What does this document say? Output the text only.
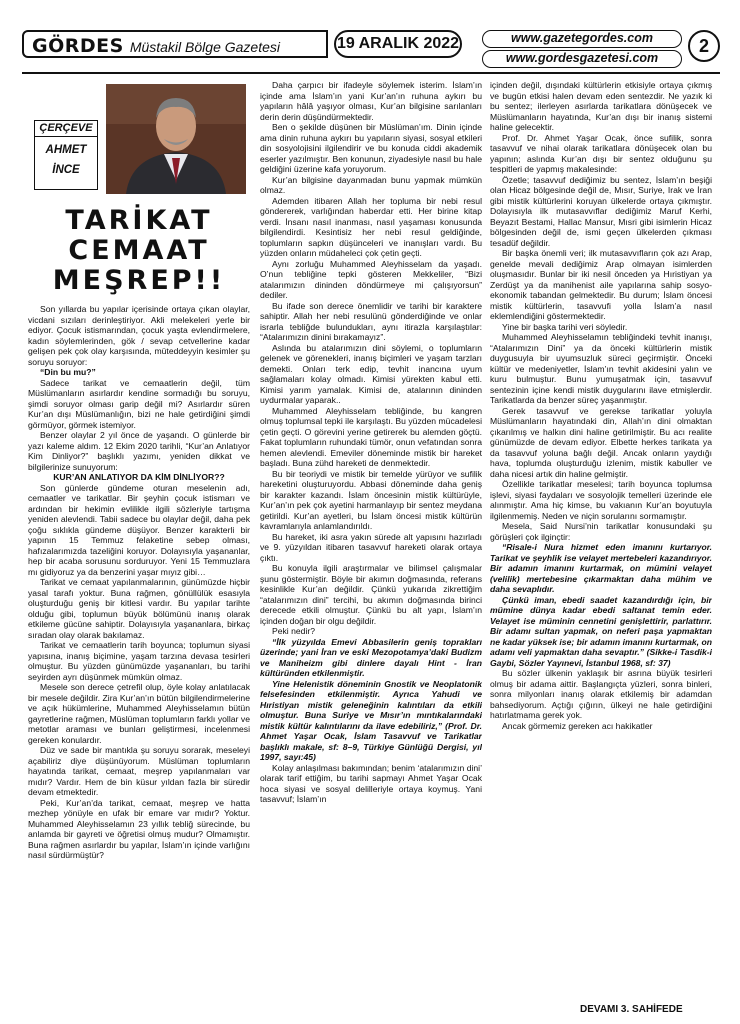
GÖRDES Müstakil Bölge Gazetesi	19 ARALIK 2022	www.gazetegordes.com
www.gordesgazetesi.com
2
ÇERÇEVE
AHMET
İNCE
TARİKAT
CEMAAT
MEŞREP!!

Son yıllarda bu yapılar içerisinde ortaya çıkan olaylar, vicdani sızıları derinleştiriyor. Akli melekeleri yerle bir ediyor. Çocuk istismarından, çocuk yaşta evlendirmelere, kadın söylemlerinden, gök / sevap cetvellerine kadar gelişen pek çok olay karşısında, müteddeyyin kesimler şu soruyu soruyor:

“Din bu mu?”

Sadece tarikat ve cemaatlerin değil, tüm Müslümanların asırlardır kendine sormadığı bu soruyu, şimdi soruyor olması garip değil mi? Asırlardır süren Kur’an dışı Müslümanlığın, bizi ne hale getirdiğini şimdi görmüyor, görmek istemiyor.

Benzer olaylar 2 yıl önce de yaşandı. O günlerde bir yazı kaleme aldım. 12 Ekim 2020 tarihli, “Kur’an Anlatıyor Kim Dinliyor?” başlıklı yazımı, yeniden dikkat ve bilgilerinize sunuyorum:

KUR’AN ANLATIYOR DA KİM DİNLİYOR??

Son günlerde gündeme oturan meselenin adı, cemaatler ve tarikatlar. Bir şeyhin çocuk istismarı ve ardından bir hekimin evlilikle ilgili sözleriyle tartışma yeniden alevlendi. Tabii sadece bu olaylar değil, daha pek çoğu sıklıkla gündeme düşüyor. Benzer karakterli bir yapının 15 Temmuz felaketine sebep olması, hafızalarımızda tazeliğini koruyor. Dolayısıyla yaşananlar, hep bir acaba sorusunu sorduruyor. Yeni 15 Temmuzlara mı gidiyoruz ya da benzerini yaşar mıyız gibi…

Tarikat ve cemaat yapılanmalarının, günümüzde hiçbir yasal tarafı yoktur. Buna rağmen, gönüllülük esasıyla oluşturduğu geniş bir kitlesi vardır. Bu yapılar tarihte olduğu gibi, toplumun büyük bölümünü inanış olarak etkileme gücüne sahiptir. Dolayısıyla yaşananlara, birkaç sıradan olay olarak bakılamaz.

Tarikat ve cemaatlerin tarih boyunca; toplumun siyasi yapısına, inanış biçimine, yaşam tarzına devasa tesirleri olmuştur. Bu yüzden günümüzde yaşananları, bu tarihi seyirden ayrı düşünmek mümkün olmaz.

Mesele son derece çetrefil olup, öyle kolay anlatılacak bir mesele değildir. Zira Kur’an’ın bütün bilgilendirmelerine ve açık hükümlerine, Muhammed Aleyhisselamın bütün gayretlerine rağmen, Müslüman toplumların farklı yollar ve metotlar araması ve bunları geliştirmesi, incelenmesi gereken konulardır.

Düz ve sade bir mantıkla şu soruyu sorarak, meseleyi açabiliriz diye düşünüyorum. Müslüman toplumların hayatında tarikat, cemaat, meşrep yapılanmaları var mıdır? Vardır. Hem de bin küsur yıldan fazla bir süredir devam etmektedir.

Peki, Kur’an’da tarikat, cemaat, meşrep ve hatta mezhep yönüyle en ufak bir emare var mıdır? Yoktur. Muhammed Aleyhisselamın 23 yıllık tebliğ sürecinde, bu anlamda bir gayreti ve öğretisi olmuş mudur? Olmamıştır. Buna rağmen asırlardır bu yapılar, İslam’ın içinde varlığını nasıl sürdürmüştür?

Daha çarpıcı bir ifadeyle söylemek isterim. İslam’ın içinde ama İslam’ın yani Kur’an’ın ruhuna aykırı bu yapıların hâlâ yaşıyor olması, Kur’an bilgisine sarılanları derin derin düşündürmektedir.

Ben o şekilde düşünen bir Müslüman’ım. Dinin içinde ama dinin ruhuna aykırı bu yapıların siyasi, sosyal etkileri din sosyolojisini ilgilendirir ve bu konuda ciddi akademik eserler yazılmıştır. Ben konunun, ziyadesiyle nasıl bu hale geldiğini üzerine kafa yoruyorum.

Kur’an bilgisine dayanmadan bunu yapmak mümkün olmaz.

Ademden itibaren Allah her topluma bir nebi resul göndererek, varlığından haberdar etti. Her birine kitap verdi. İnsanı nasıl inanması, nasıl yaşaması konusunda bilgilendirdi. Kesintisiz her nebi resul geldiğinde, toplumların sapkın düşünceleri ve inanışları vardı. Bu yüzden onların müdaheleci çok çetin geçti.

Aynı zorluğu Muhammed Aleyhisselam da yaşadı. O’nun tebliğine tepki gösteren Mekkeliler, “Bizi atalarımızın dininden döndürmeye mi çalışıyorsun” dediler.

Bu ifade son derece önemlidir ve tarihi bir karaktere sahiptir. Allah her nebi resulünü gönderdiğinde ve onlar israrla tebliğde bulundukları, aynı itirazla karşılaştılar: “Atalarımızın dinini bırakamayız”.

Aslında bu atalarımızın dini söylemi, o toplumların gelenek ve görenekleri, inanış biçimleri ve yaşam tarzları demekti. Onları terk edip, tevhit inancına uyum sağlamaları kolay olmadı. Kimisi yürekten kabul etti. Kimisi yarım yamalak. Kimisi de, atalarının dininden uydurmalar yaparak..

Muhammed Aleyhisselam tebliğinde, bu kangren olmuş toplumsal tepki ile karşılaştı. Bu yüzden mücadelesi çetin geçti. O görevini yerine getirerek bu alemden göçtü. Fakat toplumların ruhundaki tümör, onun vefatından sonra hemen alevlendi. Emeviler döneminde mistik bir hareket başladı. Buna zühd hareketi de denmektedir.

Bu bir teoriydi ve mistik bir temelde yürüyor ve sufilik hareketini oluşturuyordu. Abbasi döneminde daha geniş bir karakter kazandı. İslam öncesinin mistik kültürüyle, Kur’an’ın pek çok ayetini harmanlayıp bir sentez meydana getirildi. Kur’an ayetleri, bu İslam öncesi mistik kültürün kavramlarıyla anlamlandırıldı.

Bu hareket, iki asra yakın sürede alt yapısını hazırladı ve 9. yüzyıldan itibaren tasavvuf hareketi olarak ortaya çıktı.

Bu konuyla ilgili araştırmalar ve bilimsel çalışmalar şunu göstermiştir. Böyle bir akımın doğmasında, referans kesinlikle Kur’an değildir. Çünkü yukarıda zikrettiğim “atalarımızın dini” tercihi, bu akımın doğmasında birinci derecede etkili olmuştur. Çünkü bu alt yapı, İslam’ın içinden doğan bir olgu değildir.

Peki nedir?

“İlk yüzyılda Emevi Abbasilerin geniş toprakları üzerinde; yani İran ve eski Mezopotamya’daki Budizm ve Maniheizm gibi dinlere dayalı Hint - İran kültüründen etkilenmiştir.

Yine Helenistik döneminin Gnostik ve Neoplatonik felsefesinden etkilenmiştir. Ayrıca Yahudi ve Hıristiyan mistik geleneğinin kalıntıları da etkili olmuştur. Buna Suriye ve Mısır’ın mıntıkalarındaki mistik kültür kalıntılarını da ilave edebiliriz,” (Prof. Dr. Ahmet Yaşar Ocak, İslam Tasavvuf ve Tarikatlar başlıklı makale, sf: 8–9, Türkiye Günlüğü Dergisi, yıl 1997, sayı:45)

Kolay anlaşılması bakımından; benim ‘atalarımızın dini’ olarak tarif ettiğim, bu tarihi sapmayı Ahmet Yaşar Ocak hoca siyasi ve sosyal delilleriyle ortaya koymuş. Yani tasavvuf; İslam’ın

içinden değil, dışındaki kültürlerin etkisiyle ortaya çıkmış ve bugün etkisi halen devam eden sentezdir. Ne yazık ki bu sentez; ilerleyen asırlarda tarikatlara dönüşecek ve Müslümanların hayatında, Kur’an dışı bir inanış sistemi haline gelecektir.

Prof. Dr. Ahmet Yaşar Ocak, önce sufilik, sonra tasavvuf ve nihai olarak tarikatlara dönüşecek olan bu yapının; aslında Kur’an dışı bir sentez olduğunu şu tespitleri de yapmış makalesinde:

Özetle; tasavvuf dediğimiz bu sentez, İslam’ın beşiği olan Hicaz bölgesinde değil de, Mısır, Suriye, Irak ve İran gibi mistik kültürlerini koruyan ülkelerde ortaya çıkmıştır. Dolayısıyla ilk mutasavvıflar dediğimiz Maruf Kerhi, Beyazıt Bestami, Hallac Mansur, Mısri gibi isimlerin Hicaz bölgesinden değil de, ismi geçen ülkelerden çıkması tesadüf değildir.

Bir başka önemli veri; ilk mutasavvıfların çok azı Arap, genelde mevali dediğimiz Arap olmayan isimlerden oluşmasıdır. Bunlar bir iki nesil önceden ya Hıristiyan ya Zerdüşt ya da manihenist aile yapılarına sahip sosyo-ekonomik tabandan gelmektedir. Bu durum; İslam öncesi mistik kültürlerin, tasavvufi yolla İslam’a nasıl eklemlendiğini göstermektedir.

Yine bir başka tarihi veri söyledir.

Muhammed Aleyhisselamın tebliğindeki tevhit inanışı, “Atalarımızın Dini” ya da önceki kültürlerin mistik duygusuyla bir uyumsuzluk süreci geçirmiştir. Önceki kültür ve medeniyetler, İslam’ın tevhit akidesini yalın ve kuru bulmuştur. Bunu yumuşatmak için, tasavvuf sentezinin içine kendi mistik duygularını ilave etmişlerdir. Tarikatlarda da benzer süreç yaşanmıştır.

Gerek tasavvuf ve gerekse tarikatlar yoluyla Müslümanların hayatındaki din, Allah’ın dini olmaktan çıkarılmış ve halkın dini haline getirilmiştir. Bu acı realite günümüzde de devam ediyor. Elbette herkes tarikata ya da tasavvuf yoluna bağlı değil. Ancak onların yaydığı hava, toplumda oluşturduğu izlenim, mistik kabuller ve daha nicesi artık din haline gelmiştir.

Özellikle tarikatlar meselesi; tarih boyunca toplumsa işlevi, siyasi faydaları ve sosyolojik temelleri üzerinde ele alınmıştır. Ama hiç kimse, bu vakıanın Kur’an boyutuyla ilgilenmemiş. Neden ve niçin sorularını sormamıştır.

Mesela, Said Nursi’nin tarikatlar konusundaki şu görüşleri çok ilginçtir:

“Risale-i Nura hizmet eden imanını kurtarıyor. Tarikat ve şeyhlik ise velayet mertebeleri kazandırıyor. Bir adamın imanını kurtarmak, on mümini velayet (velilik) mertebesine çıkarmaktan daha mühim ve daha sevaplıdır.

Çünkü iman, ebedi saadet kazandırdığı için, bir mümine dünya kadar ebedi saltanat temin eder. Velayet ise müminin cennetini genişlettirir, parlattırır. Bir adamı sultan yapmak, on neferi paşa yapmaktan ne kadar yüksek ise; bir adamın imanını kurtarmak, on adamı veli yapmaktan daha sevaptır.” (Sikke-i Tasdik-i Gaybi, Sözler Yayınevi, İstanbul 1968, sf: 37)

Bu sözler ülkenin yaklaşık bir asrına büyük tesirleri olmuş bir adama aittir. Başlangıçta yüzleri, sonra binleri, sonra milyonları inanış olarak etkilemiş bir adamdan bahsediyorum. Açtığı çığırın, ülkeyi ne hale getirdiğini hatırlatmama gerek yok.

Ancak görmemiz gereken acı hakikatler

DEVAMI 3. SAHİFEDE
